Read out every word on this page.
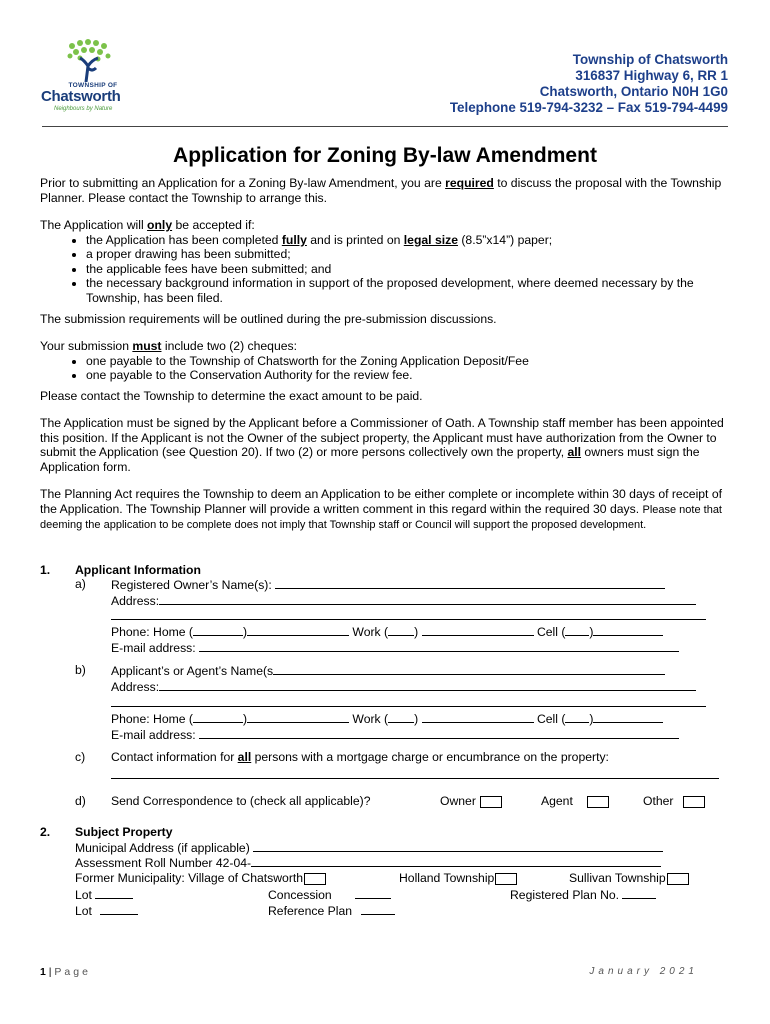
TOWNSHIP OF
Chatsworth
Neighbours by Nature
Township of Chatsworth
316837 Highway 6, RR 1
Chatsworth, Ontario N0H 1G0
Telephone 519-794-3232 – Fax 519-794-4499
Application for Zoning By-law Amendment
Prior to submitting an Application for a Zoning By-law Amendment, you are required to discuss the proposal with the Township Planner. Please contact the Township to arrange this.
The Application will only be accepted if:
• the Application has been completed fully and is printed on legal size (8.5”x14”) paper;
• a proper drawing has been submitted;
• the applicable fees have been submitted; and
• the necessary background information in support of the proposed development, where deemed necessary by the Township, has been filed.
The submission requirements will be outlined during the pre-submission discussions.
Your submission must include two (2) cheques:
• one payable to the Township of Chatsworth for the Zoning Application Deposit/Fee
• one payable to the Conservation Authority for the review fee.
Please contact the Township to determine the exact amount to be paid.
The Application must be signed by the Applicant before a Commissioner of Oath. A Township staff member has been appointed this position. If the Applicant is not the Owner of the subject property, the Applicant must have authorization from the Owner to submit the Application (see Question 20). If two (2) or more persons collectively own the property, all owners must sign the Application form.
The Planning Act requires the Township to deem an Application to be either complete or incomplete within 30 days of receipt of the Application. The Township Planner will provide a written comment in this regard within the required 30 days. Please note that deeming the application to be complete does not imply that Township staff or Council will support the proposed development.
1. Applicant Information
a) Registered Owner’s Name(s):
Address:
Phone: Home (	)	Work ( )	Cell ( )
E-mail address:
b) Applicant’s or Agent’s Name(s
Address:
Phone: Home (	)	Work ( )	Cell ( )
E-mail address:
c) Contact information for all persons with a mortgage charge or encumbrance on the property:
d) Send Correspondence to (check all applicable)?	Owner	Agent	Other
2. Subject Property
Municipal Address (if applicable)
Assessment Roll Number 42-04-
Former Municipality: Village of Chatsworth	Holland Township	Sullivan Township
Lot	Concession	Registered Plan No.
Lot	Reference Plan
1 | Page	January 2021
